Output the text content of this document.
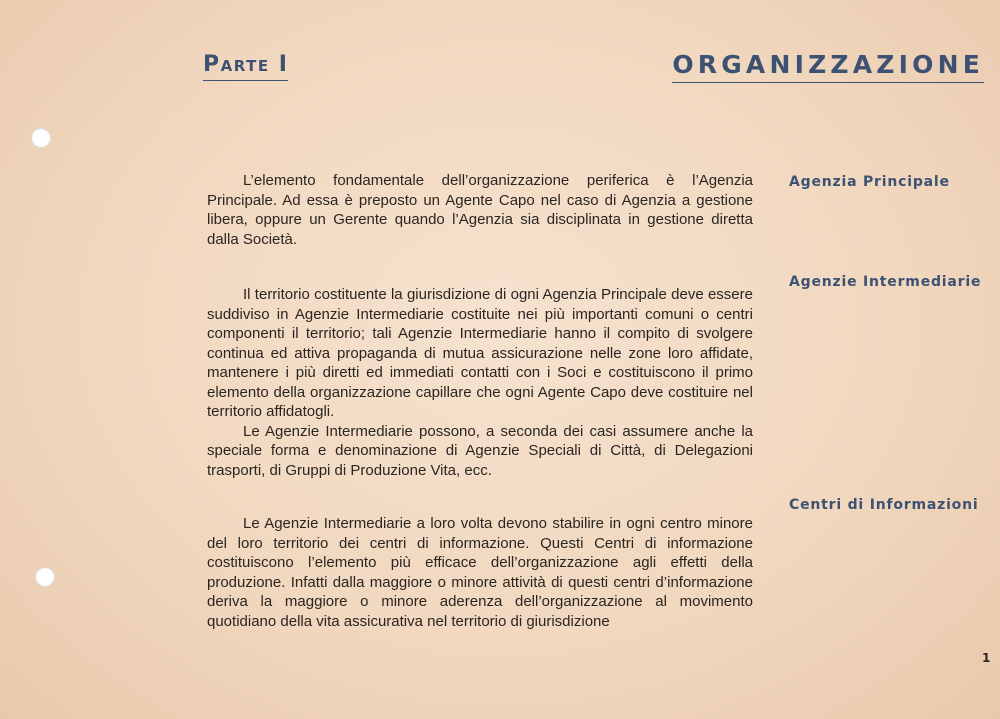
Parte I	ORGANIZZAZIONE

L’elemento fondamentale dell’organizzazione periferica è l’Agenzia Principale. Ad essa è preposto un Agente Capo nel caso di Agenzia a gestione libera, oppure un Gerente quando l’Agenzia sia disciplinata in gestione diretta dalla Società.

Il territorio costituente la giurisdizione di ogni Agenzia Principale deve essere suddiviso in Agenzie Intermediarie costituite nei più importanti comuni o centri componenti il territorio; tali Agenzie Intermediarie hanno il compito di svolgere continua ed attiva propaganda di mutua assicurazione nelle zone loro affidate, mantenere i più diretti ed immediati contatti con i Soci e costituiscono il primo elemento della organizzazione capillare che ogni Agente Capo deve costituire nel territorio affidatogli.

Le Agenzie Intermediarie possono, a seconda dei casi assumere anche la speciale forma e denominazione di Agenzie Speciali di Città, di Delegazioni trasporti, di Gruppi di Produzione Vita, ecc.

Le Agenzie Intermediarie a loro volta devono stabilire in ogni centro minore del loro territorio dei centri di informazione. Questi Centri di informazione costituiscono l’elemento più efficace dell’organizzazione agli effetti della produzione. Infatti dalla maggiore o minore attività di questi centri d’informazione deriva la maggiore o minore aderenza dell’organizzazione al movimento quotidiano della vita assicurativa nel territorio di giurisdizione

Agenzia Principale
Agenzie Intermediarie
Centri di Informazioni
1
